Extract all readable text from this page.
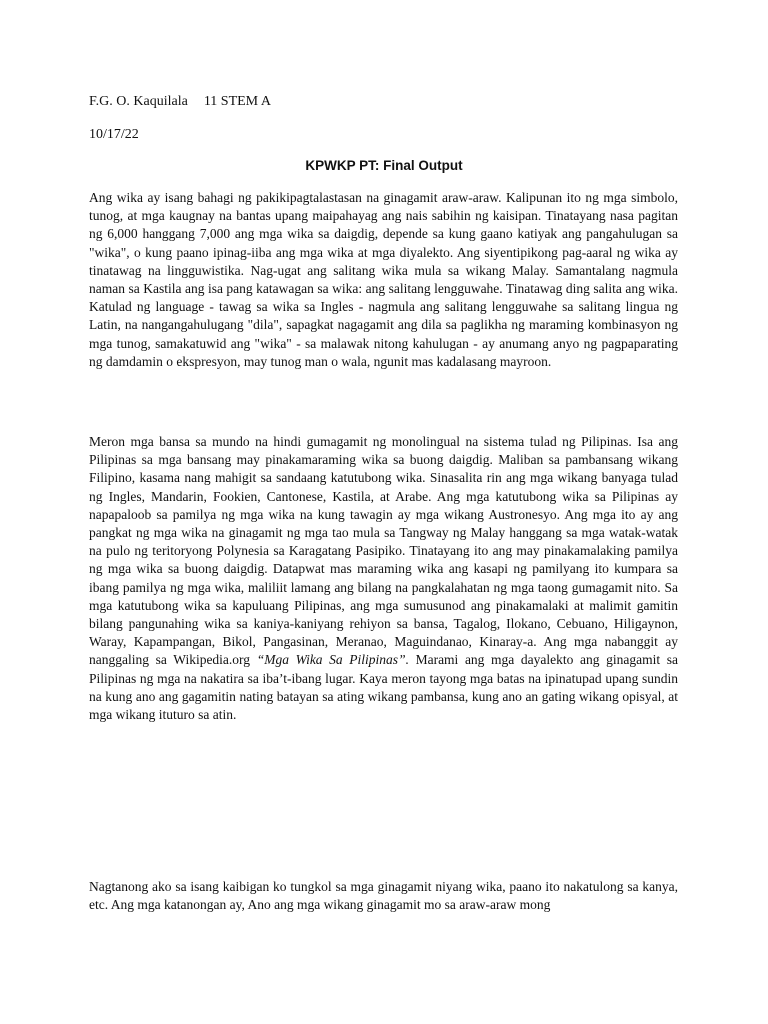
F.G. O. Kaquilala 11 STEM A

10/17/22

KPWKP PT: Final Output

Ang wika ay isang bahagi ng pakikipagtalastasan na ginagamit araw-araw. Kalipunan ito ng mga simbolo, tunog, at mga kaugnay na bantas upang maipahayag ang nais sabihin ng kaisipan. Tinatayang nasa pagitan ng 6,000 hanggang 7,000 ang mga wika sa daigdig, depende sa kung gaano katiyak ang pangahulugan sa "wika", o kung paano ipinag-iiba ang mga wika at mga diyalekto. Ang siyentipikong pag-aaral ng wika ay tinatawag na lingguwistika. Nag-ugat ang salitang wika mula sa wikang Malay. Samantalang nagmula naman sa Kastila ang isa pang katawagan sa wika: ang salitang lengguwahe. Tinatawag ding salita ang wika. Katulad ng language - tawag sa wika sa Ingles - nagmula ang salitang lengguwahe sa salitang lingua ng Latin, na nangangahulugang "dila", sapagkat nagagamit ang dila sa paglikha ng maraming kombinasyon ng mga tunog, samakatuwid ang "wika" - sa malawak nitong kahulugan - ay anumang anyo ng pagpaparating ng damdamin o ekspresyon, may tunog man o wala, ngunit mas kadalasang mayroon.

Meron mga bansa sa mundo na hindi gumagamit ng monolingual na sistema tulad ng Pilipinas. Isa ang Pilipinas sa mga bansang may pinakamaraming wika sa buong daigdig. Maliban sa pambansang wikang Filipino, kasama nang mahigit sa sandaang katutubong wika. Sinasalita rin ang mga wikang banyaga tulad ng Ingles, Mandarin, Fookien, Cantonese, Kastila, at Arabe. Ang mga katutubong wika sa Pilipinas ay napapaloob sa pamilya ng mga wika na kung tawagin ay mga wikang Austronesyo. Ang mga ito ay ang pangkat ng mga wika na ginagamit ng mga tao mula sa Tangway ng Malay hanggang sa mga watak-watak na pulo ng teritoryong Polynesia sa Karagatang Pasipiko. Tinatayang ito ang may pinakamalaking pamilya ng mga wika sa buong daigdig. Datapwat mas maraming wika ang kasapi ng pamilyang ito kumpara sa ibang pamilya ng mga wika, maliliit lamang ang bilang na pangkalahatan ng mga taong gumagamit nito. Sa mga katutubong wika sa kapuluang Pilipinas, ang mga sumusunod ang pinakamalaki at malimit gamitin bilang pangunahing wika sa kaniya-kaniyang rehiyon sa bansa, Tagalog, Ilokano, Cebuano, Hiligaynon, Waray, Kapampangan, Bikol, Pangasinan, Meranao, Maguindanao, Kinaray-a. Ang mga nabanggit ay nanggaling sa Wikipedia.org “Mga Wika Sa Pilipinas”. Marami ang mga dayalekto ang ginagamit sa Pilipinas ng mga na nakatira sa iba’t-ibang lugar. Kaya meron tayong mga batas na ipinatupad upang sundin na kung ano ang gagamitin nating batayan sa ating wikang pambansa, kung ano an gating wikang opisyal, at mga wikang ituturo sa atin.

Nagtanong ako sa isang kaibigan ko tungkol sa mga ginagamit niyang wika, paano ito nakatulong sa kanya, etc. Ang mga katanongan ay, Ano ang mga wikang ginagamit mo sa araw-araw mong
